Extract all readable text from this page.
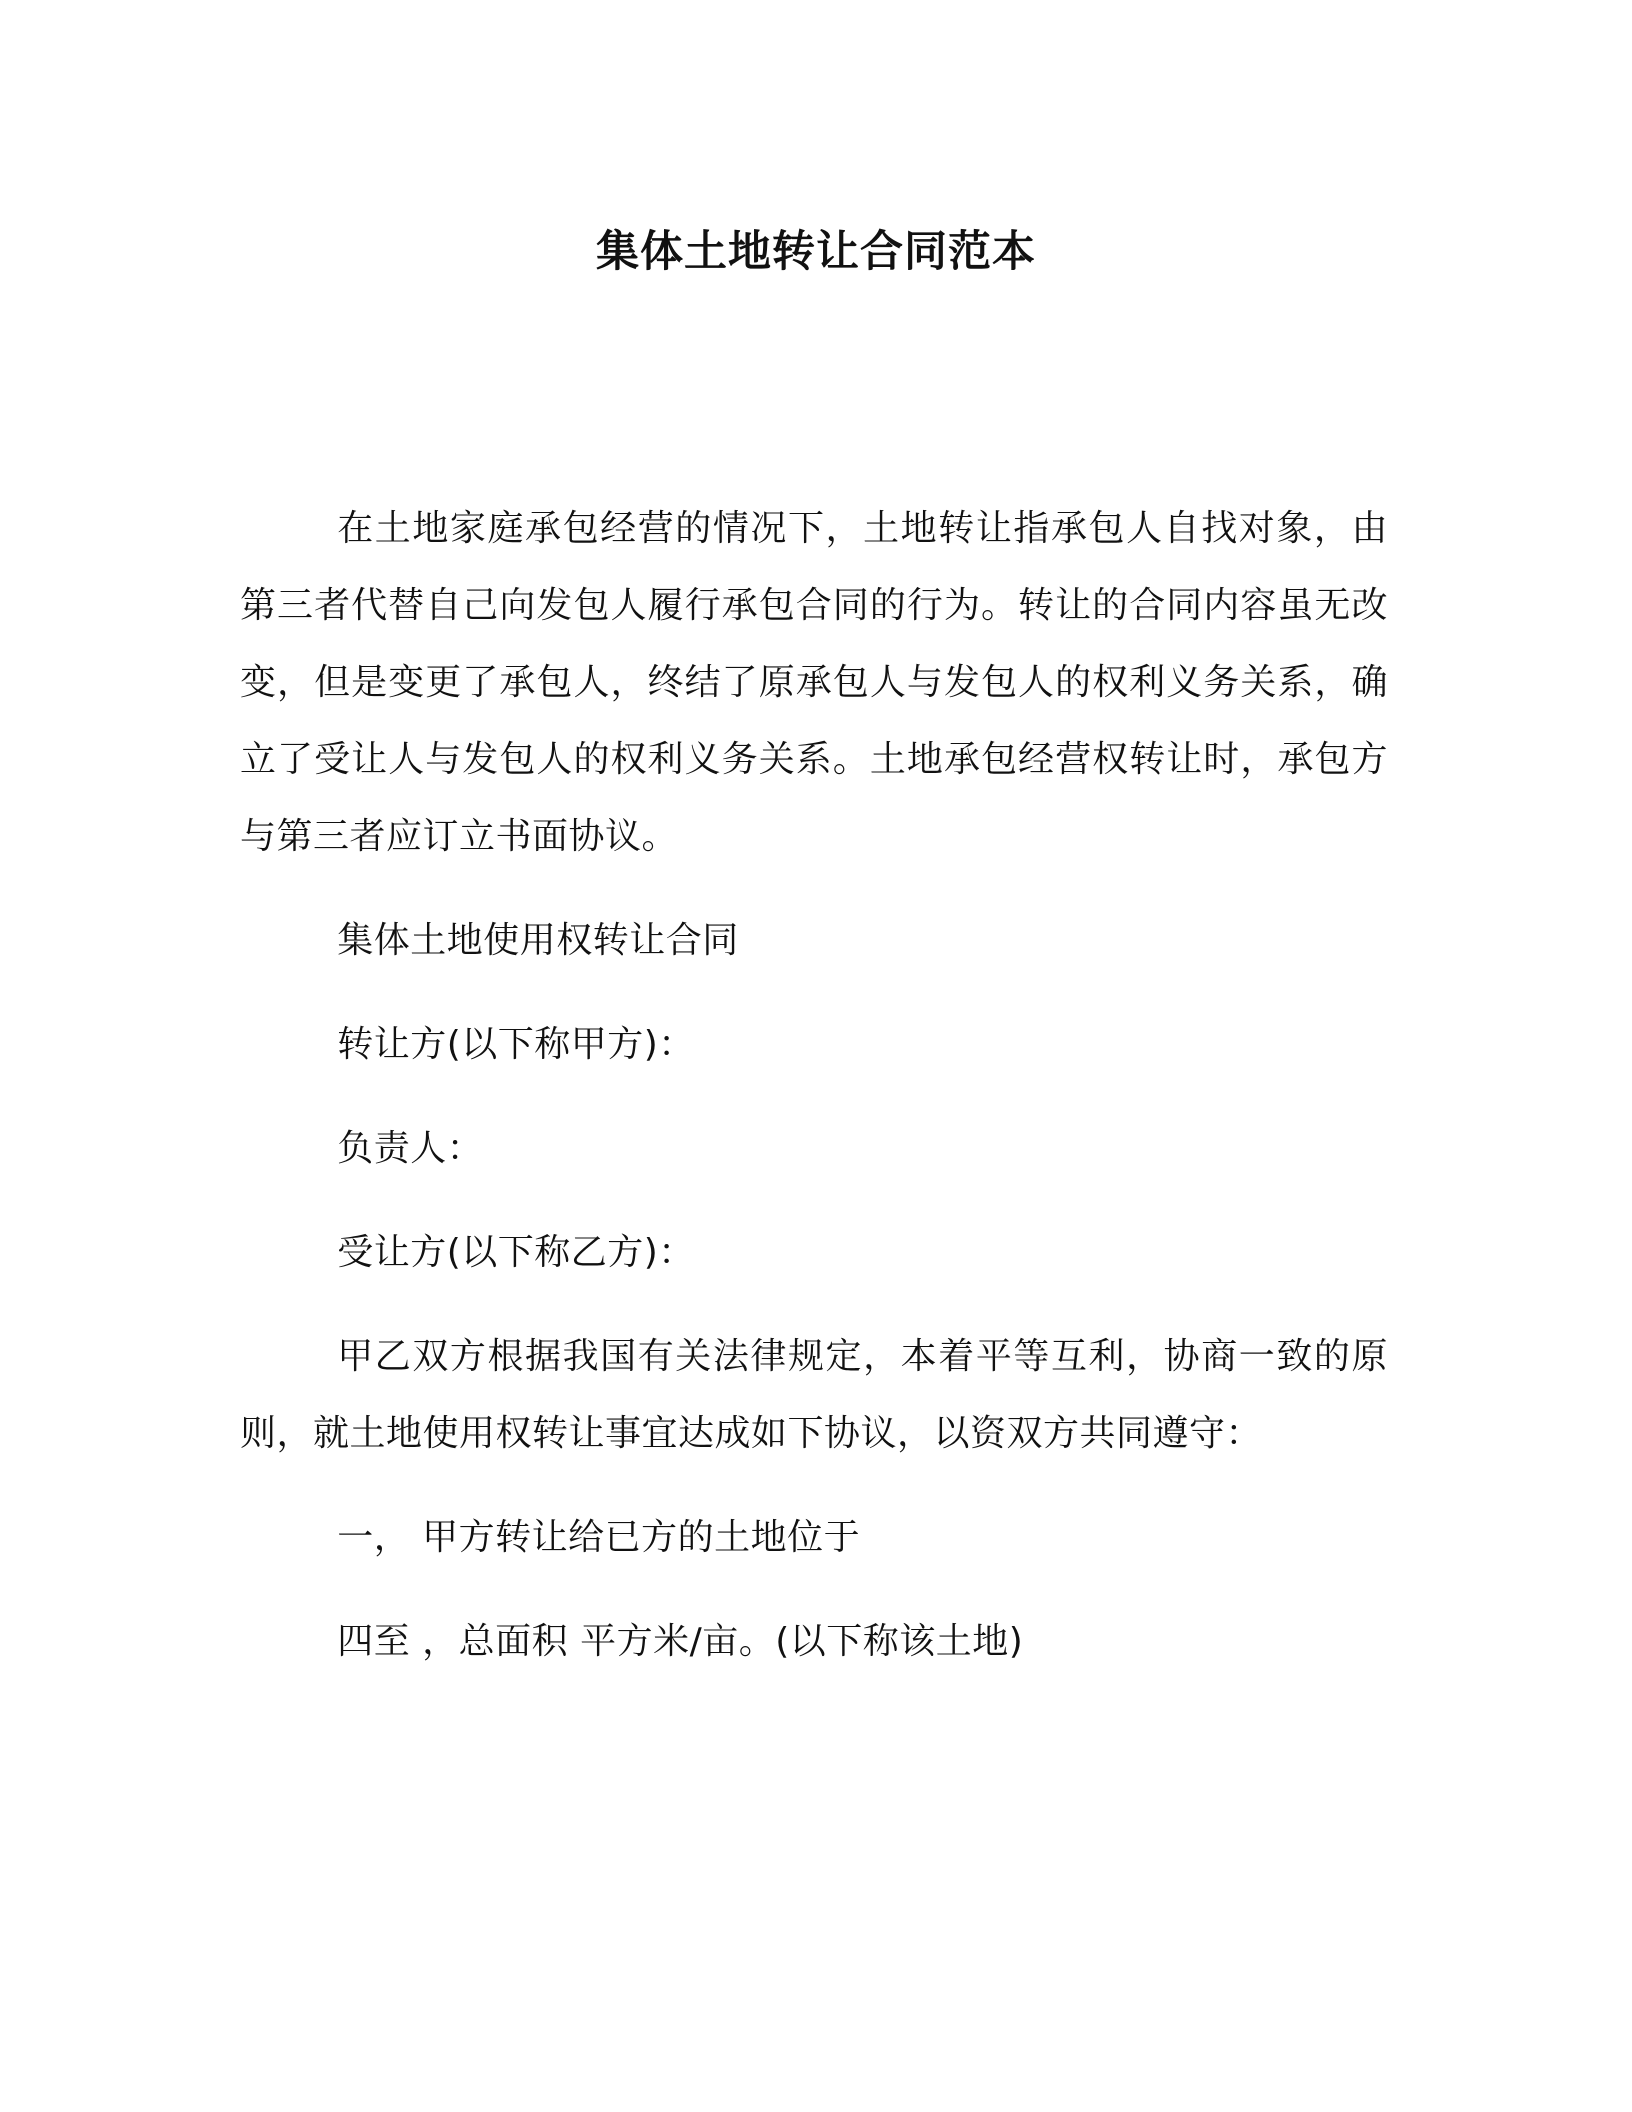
集体土地转让合同范本

在土地家庭承包经营的情况下，土地转让指承包人自找对象，由第三者代替自己向发包人履行承包合同的行为。转让的合同内容虽无改变，但是变更了承包人，终结了原承包人与发包人的权利义务关系，确立了受让人与发包人的权利义务关系。土地承包经营权转让时，承包方与第三者应订立书面协议。

集体土地使用权转让合同

转让方(以下称甲方)：

负责人：

受让方(以下称乙方)：

甲乙双方根据我国有关法律规定，本着平等互利，协商一致的原则，就土地使用权转让事宜达成如下协议，以资双方共同遵守：

一， 甲方转让给已方的土地位于

四至 ，总面积 平方米/亩。(以下称该土地)
